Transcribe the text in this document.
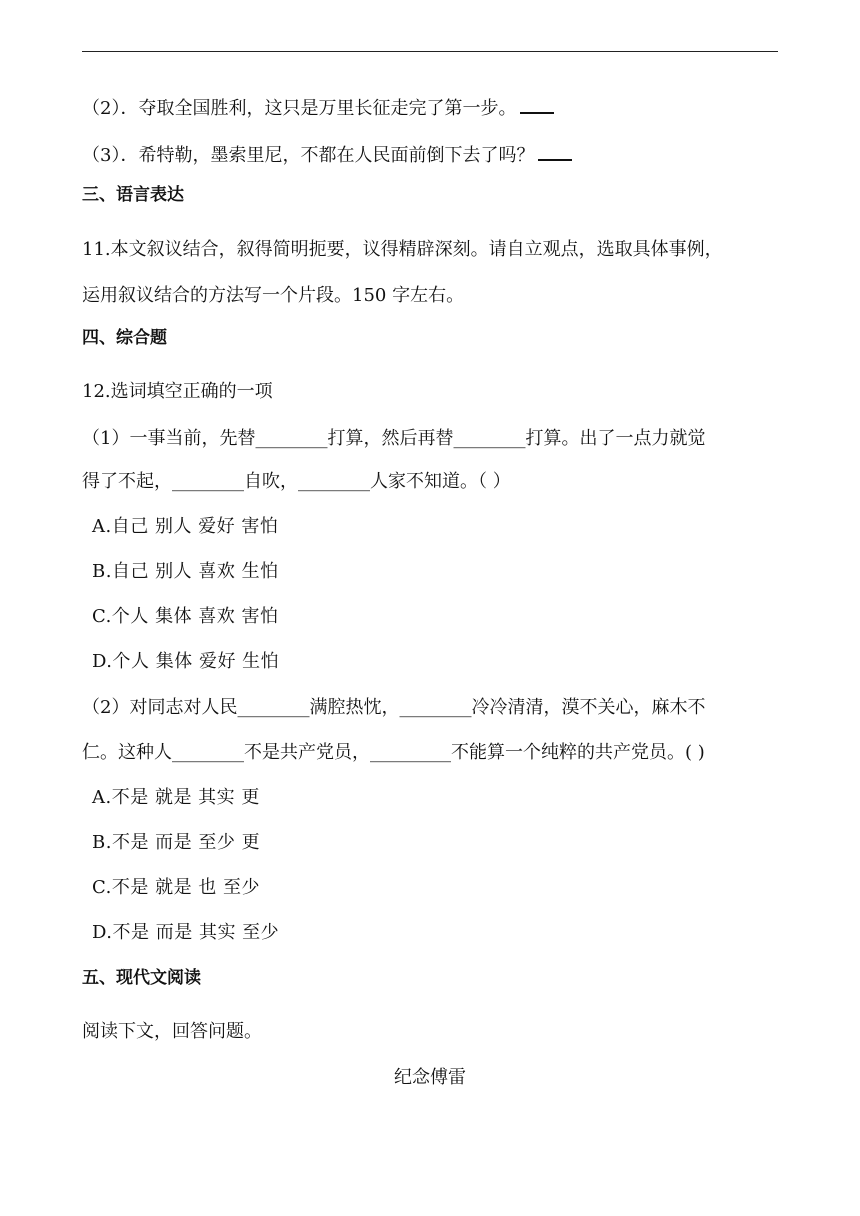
（2）．夺取全国胜利，这只是万里长征走完了第一步。
（3）．希特勒，墨索里尼，不都在人民面前倒下去了吗？
三、语言表达
11.本文叙议结合，叙得简明扼要，议得精辟深刻。请自立观点，选取具体事例，
运用叙议结合的方法写一个片段。150 字左右。
四、综合题
12.选词填空正确的一项
（1）一事当前，先替________打算，然后再替________打算。出了一点力就觉
得了不起，________自吹，________人家不知道。（ ）
A.自己 别人 爱好 害怕
B.自己 别人 喜欢 生怕
C.个人 集体 喜欢 害怕
D.个人 集体 爱好 生怕
（2）对同志对人民________满腔热忱，________冷冷清清，漠不关心，麻木不
仁。这种人________不是共产党员，_________不能算一个纯粹的共产党员。( )
A.不是 就是 其实 更
B.不是 而是 至少 更
C.不是 就是 也 至少
D.不是 而是 其实 至少
五、现代文阅读
阅读下文，回答问题。
纪念傅雷
